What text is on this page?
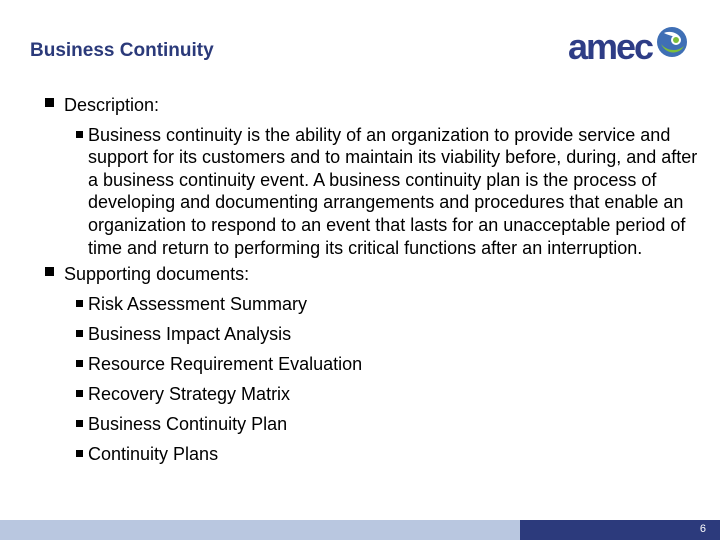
Business Continuity	amec
Description:
Business continuity is the ability of an organization to provide service and support for its customers and to maintain its viability before, during, and after a business continuity event. A business continuity plan is the process of developing and documenting arrangements and procedures that enable an organization to respond to an event that lasts for an unacceptable period of time and return to performing its critical functions after an interruption.
Supporting documents:
Risk Assessment Summary
Business Impact Analysis
Resource Requirement Evaluation
Recovery Strategy Matrix
Business Continuity Plan
Continuity Plans
6
